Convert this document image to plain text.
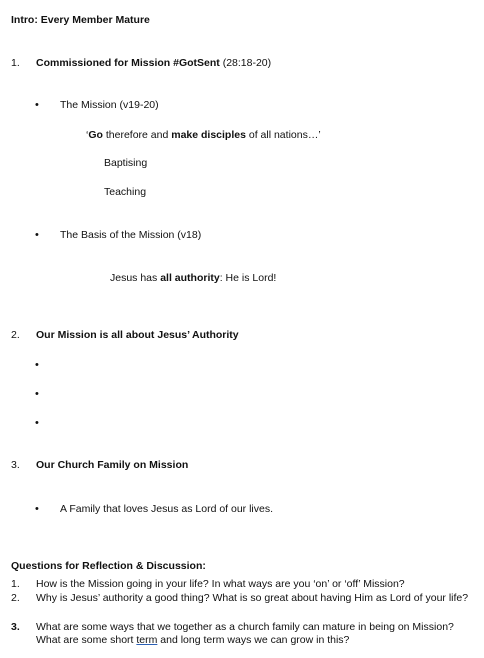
Intro: Every Member Mature
1. Commissioned for Mission #GotSent (28:18-20)
• The Mission (v19-20)
‘Go therefore and make disciples of all nations…’
Baptising
Teaching
• The Basis of the Mission (v18)
Jesus has all authority: He is Lord!
2. Our Mission is all about Jesus’ Authority
•
•
•
3. Our Church Family on Mission
• A Family that loves Jesus as Lord of our lives.
Questions for Reflection & Discussion:
1.	How is the Mission going in your life? In what ways are you ‘on’ or ‘off’ Mission?
2.	Why is Jesus’ authority a good thing? What is so great about having Him as Lord of your life?
3.	What are some ways that we together as a church family can mature in being on Mission? What are some short term and long term ways we can grow in this?
